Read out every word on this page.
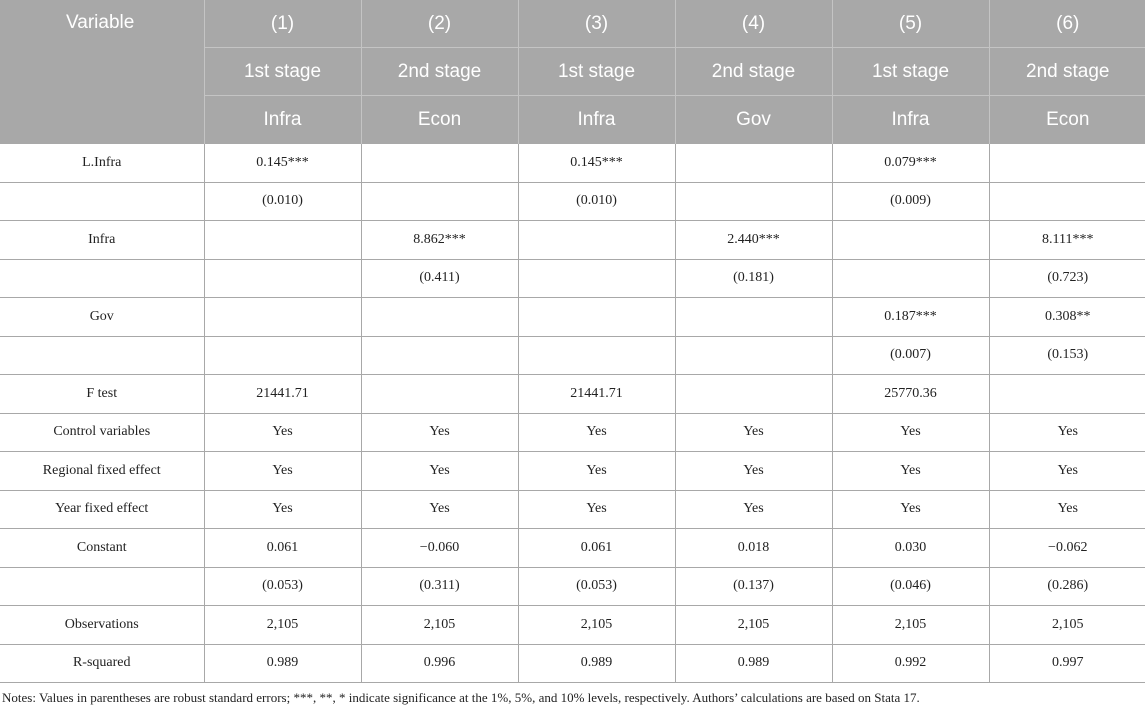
Variable	(1)	(2)	(3)	(4)	(5)	(6)
	1st stage	2nd stage	1st stage	2nd stage	1st stage	2nd stage
	Infra	Econ	Infra	Gov	Infra	Econ
L.Infra	0.145***		0.145***		0.079***	
	(0.010)		(0.010)		(0.009)	
Infra		8.862***		2.440***		8.111***
		(0.411)		(0.181)		(0.723)
Gov					0.187***	0.308**
					(0.007)	(0.153)
F test	21441.71		21441.71		25770.36	
Control variables	Yes	Yes	Yes	Yes	Yes	Yes
Regional fixed effect	Yes	Yes	Yes	Yes	Yes	Yes
Year fixed effect	Yes	Yes	Yes	Yes	Yes	Yes
Constant	0.061	−0.060	0.061	0.018	0.030	−0.062
	(0.053)	(0.311)	(0.053)	(0.137)	(0.046)	(0.286)
Observations	2,105	2,105	2,105	2,105	2,105	2,105
R-squared	0.989	0.996	0.989	0.989	0.992	0.997
Notes: Values in parentheses are robust standard errors; ***, **, * indicate significance at the 1%, 5%, and 10% levels, respectively. Authors’ calculations are based on Stata 17.
